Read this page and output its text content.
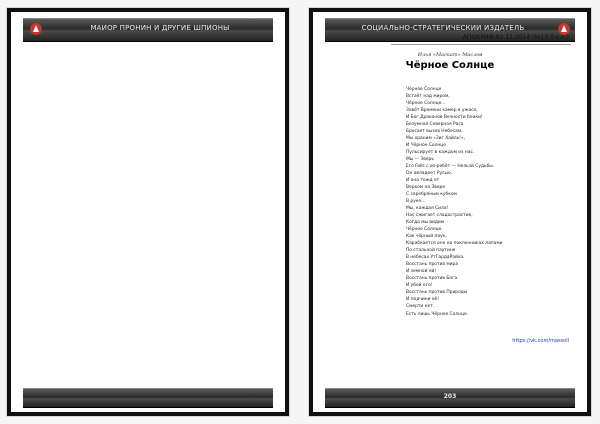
МАЙОР ПРОНИН И ДРУГИЕ ШПИОНЫ	СОЦИАЛЬНО-СТРАТЕГИЧЕСКИЙ ИЗДАТЕЛЬ
АПОКРИФ-82 11.2014 (№15.0 s.n.)
Илья «Маскат» Маслов
Чёрное Солнце
Чёрное Солнце
Встаёт над миром,
Чёрное Солнце…
Зовёт Времени камер в ужасе,
И Бог Драконов Вечности блики!
Безумная Северная Раса
Бросает вызов Небесам.
Мы храним «Зиг Хайль!»,
И Чёрное Солнце
Пульсирует в каждом из нас.
Мы — Зверь
Его Falls с из-ребёт — Нельзй Судьбы.
Он овладеет Русью,
И она тожд ет
Верхом на Звере
С серебряным кубком
В руке…
Мы, каждая Сила!
Нас сжигает сладострастие,
Когда мы видим
Чёрное Солнце.
Как чёрный паук,
Карабкается оно на поклонниках лапами
По стальной паутине
В небесах УтГардаРайха.
Восстань против мира
И земной ей!
Восстань против Бога
И убей его!
Восстань против Природы
И подчини её!
Смерти нет.
Есть лишь Чёрное Солнце.
https://vk.com/massoll
203
